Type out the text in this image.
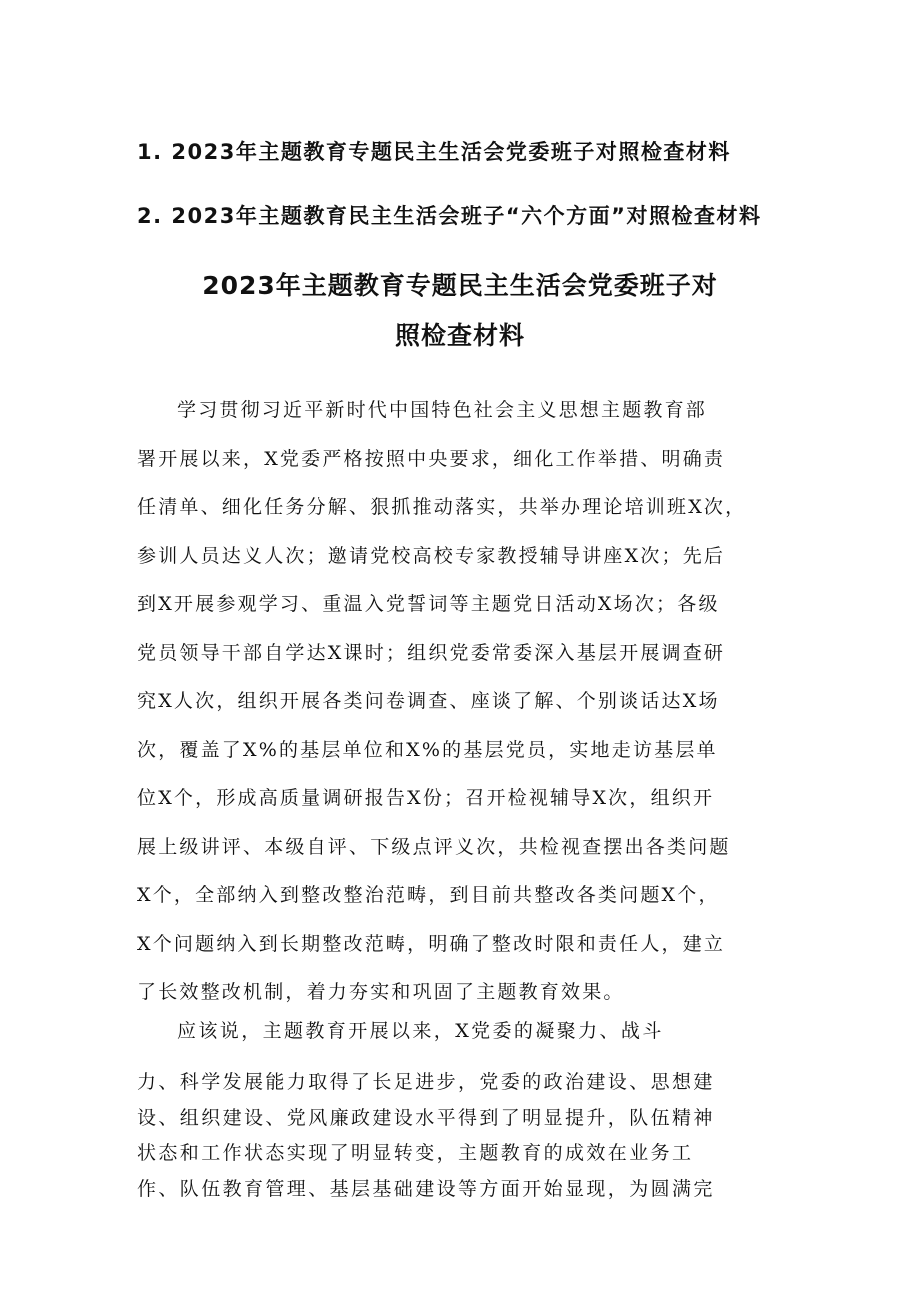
1. 2023年主题教育专题民主生活会党委班子对照检查材料
2. 2023年主题教育民主生活会班子“六个方面”对照检查材料
2023年主题教育专题民主生活会党委班子对
照检查材料
学习贯彻习近平新时代中国特色社会主义思想主题教育部
署开展以来，X党委严格按照中央要求，细化工作举措、明确责
任清单、细化任务分解、狠抓推动落实，共举办理论培训班X次，
参训人员达义人次；邀请党校高校专家教授辅导讲座X次；先后
到X开展参观学习、重温入党誓词等主题党日活动X场次；各级
党员领导干部自学达X课时；组织党委常委深入基层开展调查研
究X人次，组织开展各类问卷调查、座谈了解、个别谈话达X场
次，覆盖了X%的基层单位和X%的基层党员，实地走访基层单
位X个，形成高质量调研报告X份；召开检视辅导X次，组织开
展上级讲评、本级自评、下级点评义次，共检视查摆出各类问题
X个，全部纳入到整改整治范畴，到目前共整改各类问题X个，
X个问题纳入到长期整改范畴，明确了整改时限和责任人，建立
了长效整改机制，着力夯实和巩固了主题教育效果。
应该说，主题教育开展以来，X党委的凝聚力、战斗
力、科学发展能力取得了长足进步，党委的政治建设、思想建
设、组织建设、党风廉政建设水平得到了明显提升，队伍精神
状态和工作状态实现了明显转变，主题教育的成效在业务工
作、队伍教育管理、基层基础建设等方面开始显现，为圆满完
